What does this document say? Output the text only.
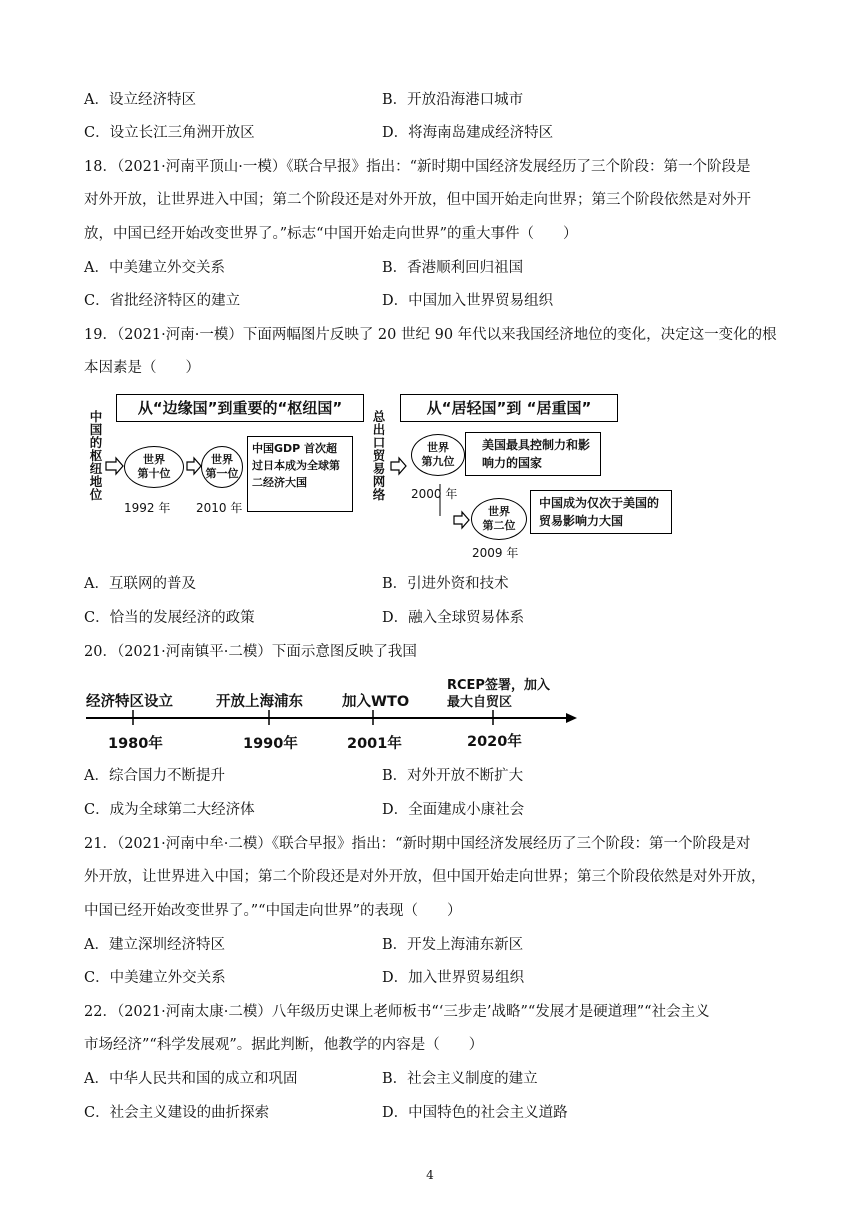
A．设立经济特区	B．开放沿海港口城市
C．设立长江三角洲开放区	D．将海南岛建成经济特区
18．（2021·河南平顶山·一模）《联合早报》指出：“新时期中国经济发展经历了三个阶段：第一个阶段是
对外开放，让世界进入中国；第二个阶段还是对外开放，但中国开始走向世界；第三个阶段依然是对外开
放，中国已经开始改变世界了。”标志“中国开始走向世界”的重大事件（　　）
A．中美建立外交关系	B．香港顺利回归祖国
C．省批经济特区的建立	D．中国加入世界贸易组织
19．（2021·河南·一模）下面两幅图片反映了 20 世纪 90 年代以来我国经济地位的变化，决定这一变化的根
本因素是（　　）
中国的枢纽地位
从“边缘国”到重要的“枢纽国”
世界
第十位
1992 年
世界
第一位
2010 年
中国GDP 首次超过日本成为全球第二经济大国
总出口贸易网络
从“居轻国”到 “居重国”
世界
第九位
2000 年
美国最具控制力和影响力的国家
世界
第二位
2009 年
中国成为仅次于美国的贸易影响力大国
A．互联网的普及	B．引进外资和技术
C．恰当的发展经济的政策	D．融入全球贸易体系
20．（2021·河南镇平·二模）下面示意图反映了我国
经济特区设立	开放上海浦东	加入WTO
RCEP签署，加入
最大自贸区
1980年	1990年	2001年	2020年
A．综合国力不断提升	B．对外开放不断扩大
C．成为全球第二大经济体	D．全面建成小康社会
21．（2021·河南中牟·二模）《联合早报》指出：“新时期中国经济发展经历了三个阶段：第一个阶段是对
外开放，让世界进入中国；第二个阶段还是对外开放，但中国开始走向世界；第三个阶段依然是对外开放，
中国已经开始改变世界了。”“中国走向世界”的表现（　　）
A．建立深圳经济特区	B．开发上海浦东新区
C．中美建立外交关系	D．加入世界贸易组织
22．（2021·河南太康·二模）八年级历史课上老师板书“‘三步走’战略”“发展才是硬道理”“社会主义
市场经济”“科学发展观”。据此判断，他教学的内容是（　　）
A．中华人民共和国的成立和巩固	B．社会主义制度的建立
C．社会主义建设的曲折探索	D．中国特色的社会主义道路
4
